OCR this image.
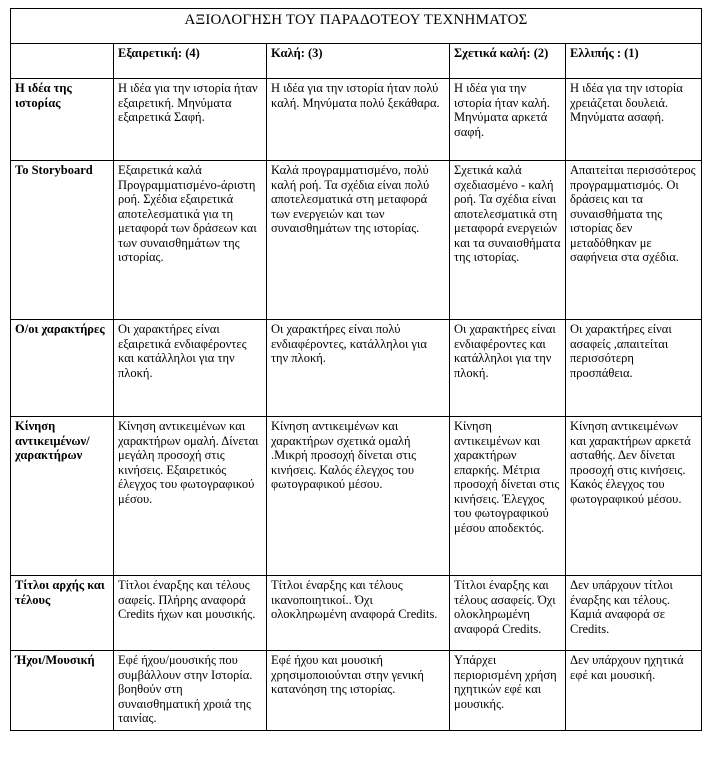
ΑΞΙΟΛΟΓΗΣΗ ΤΟΥ ΠΑΡΑΔΟΤΕΟΥ ΤΕΧΝΗΜΑΤΟΣ				
	Εξαιρετική: (4)	Καλή: (3)	Σχετικά καλή: (2)	Ελλιπής : (1)
Η ιδέα της ιστορίας	Η ιδέα για την ιστορία ήταν εξαιρετική. Μηνύματα εξαιρετικά Σαφή.	Η ιδέα για την ιστορία ήταν πολύ καλή. Μηνύματα πολύ ξεκάθαρα.	Η ιδέα για την ιστορία ήταν καλή. Μηνύματα αρκετά σαφή.	Η ιδέα για την ιστορία χρειάζεται δουλειά. Μηνύματα ασαφή.
Το Storyboard	Εξαιρετικά καλά Προγραμματισμένο-άριστη ροή. Σχέδια εξαιρετικά αποτελεσματικά για τη μεταφορά των δράσεων και των συναισθημάτων της ιστορίας.	Καλά προγραμματισμένο, πολύ καλή ροή. Τα σχέδια είναι πολύ αποτελεσματικά στη μεταφορά των ενεργειών και των συναισθημάτων της ιστορίας.	Σχετικά καλά σχεδιασμένο - καλή ροή. Τα σχέδια είναι αποτελεσματικά στη μεταφορά ενεργειών και τα συναισθήματα της ιστορίας.	Απαιτείται περισσότερος προγραμματισμός. Οι δράσεις και τα συναισθήματα της ιστορίας δεν μεταδόθηκαν με σαφήνεια στα σχέδια.
Ο/οι χαρακτήρες	Οι χαρακτήρες είναι εξαιρετικά ενδιαφέροντες και κατάλληλοι για την πλοκή.	Οι χαρακτήρες είναι πολύ ενδιαφέροντες, κατάλληλοι για την πλοκή.	Οι χαρακτήρες είναι ενδιαφέροντες και κατάλληλοι για την πλοκή.	Οι χαρακτήρες είναι ασαφείς ,απαιτείται περισσότερη προσπάθεια.
Κίνηση αντικειμένων/ χαρακτήρων	Κίνηση αντικειμένων και χαρακτήρων ομαλή. Δίνεται μεγάλη προσοχή στις κινήσεις. Εξαιρετικός έλεγχος του φωτογραφικού μέσου.	Κίνηση αντικειμένων και χαρακτήρων σχετικά ομαλή .Μικρή προσοχή δίνεται στις κινήσεις. Καλός έλεγχος του φωτογραφικού μέσου.	Κίνηση αντικειμένων και χαρακτήρων επαρκής. Μέτρια προσοχή δίνεται στις κινήσεις. Έλεγχος του φωτογραφικού μέσου αποδεκτός.	Κίνηση αντικειμένων και χαρακτήρων αρκετά ασταθής. Δεν δίνεται προσοχή στις κινήσεις. Κακός έλεγχος του φωτογραφικού μέσου.
Τίτλοι αρχής και τέλους	Τίτλοι έναρξης και τέλους σαφείς. Πλήρης αναφορά Credits ήχων και μουσικής.	Τίτλοι έναρξης και τέλους ικανοποιητικοί.. Όχι ολοκληρωμένη αναφορά Credits.	Τίτλοι έναρξης και τέλους ασαφείς. Όχι ολοκληρωμένη αναφορά Credits.	Δεν υπάρχουν τίτλοι έναρξης και τέλους. Καμιά αναφορά σε Credits.
Ήχοι/Μουσική	Εφέ ήχου/μουσικής που συμβάλλουν στην Ιστορία. βοηθούν στη συναισθηματική χροιά της ταινίας.	Εφέ ήχου και μουσική χρησιμοποιούνται στην γενική κατανόηση της ιστορίας.	Υπάρχει περιορισμένη χρήση ηχητικών εφέ και μουσικής.	Δεν υπάρχουν ηχητικά εφέ και μουσική.
